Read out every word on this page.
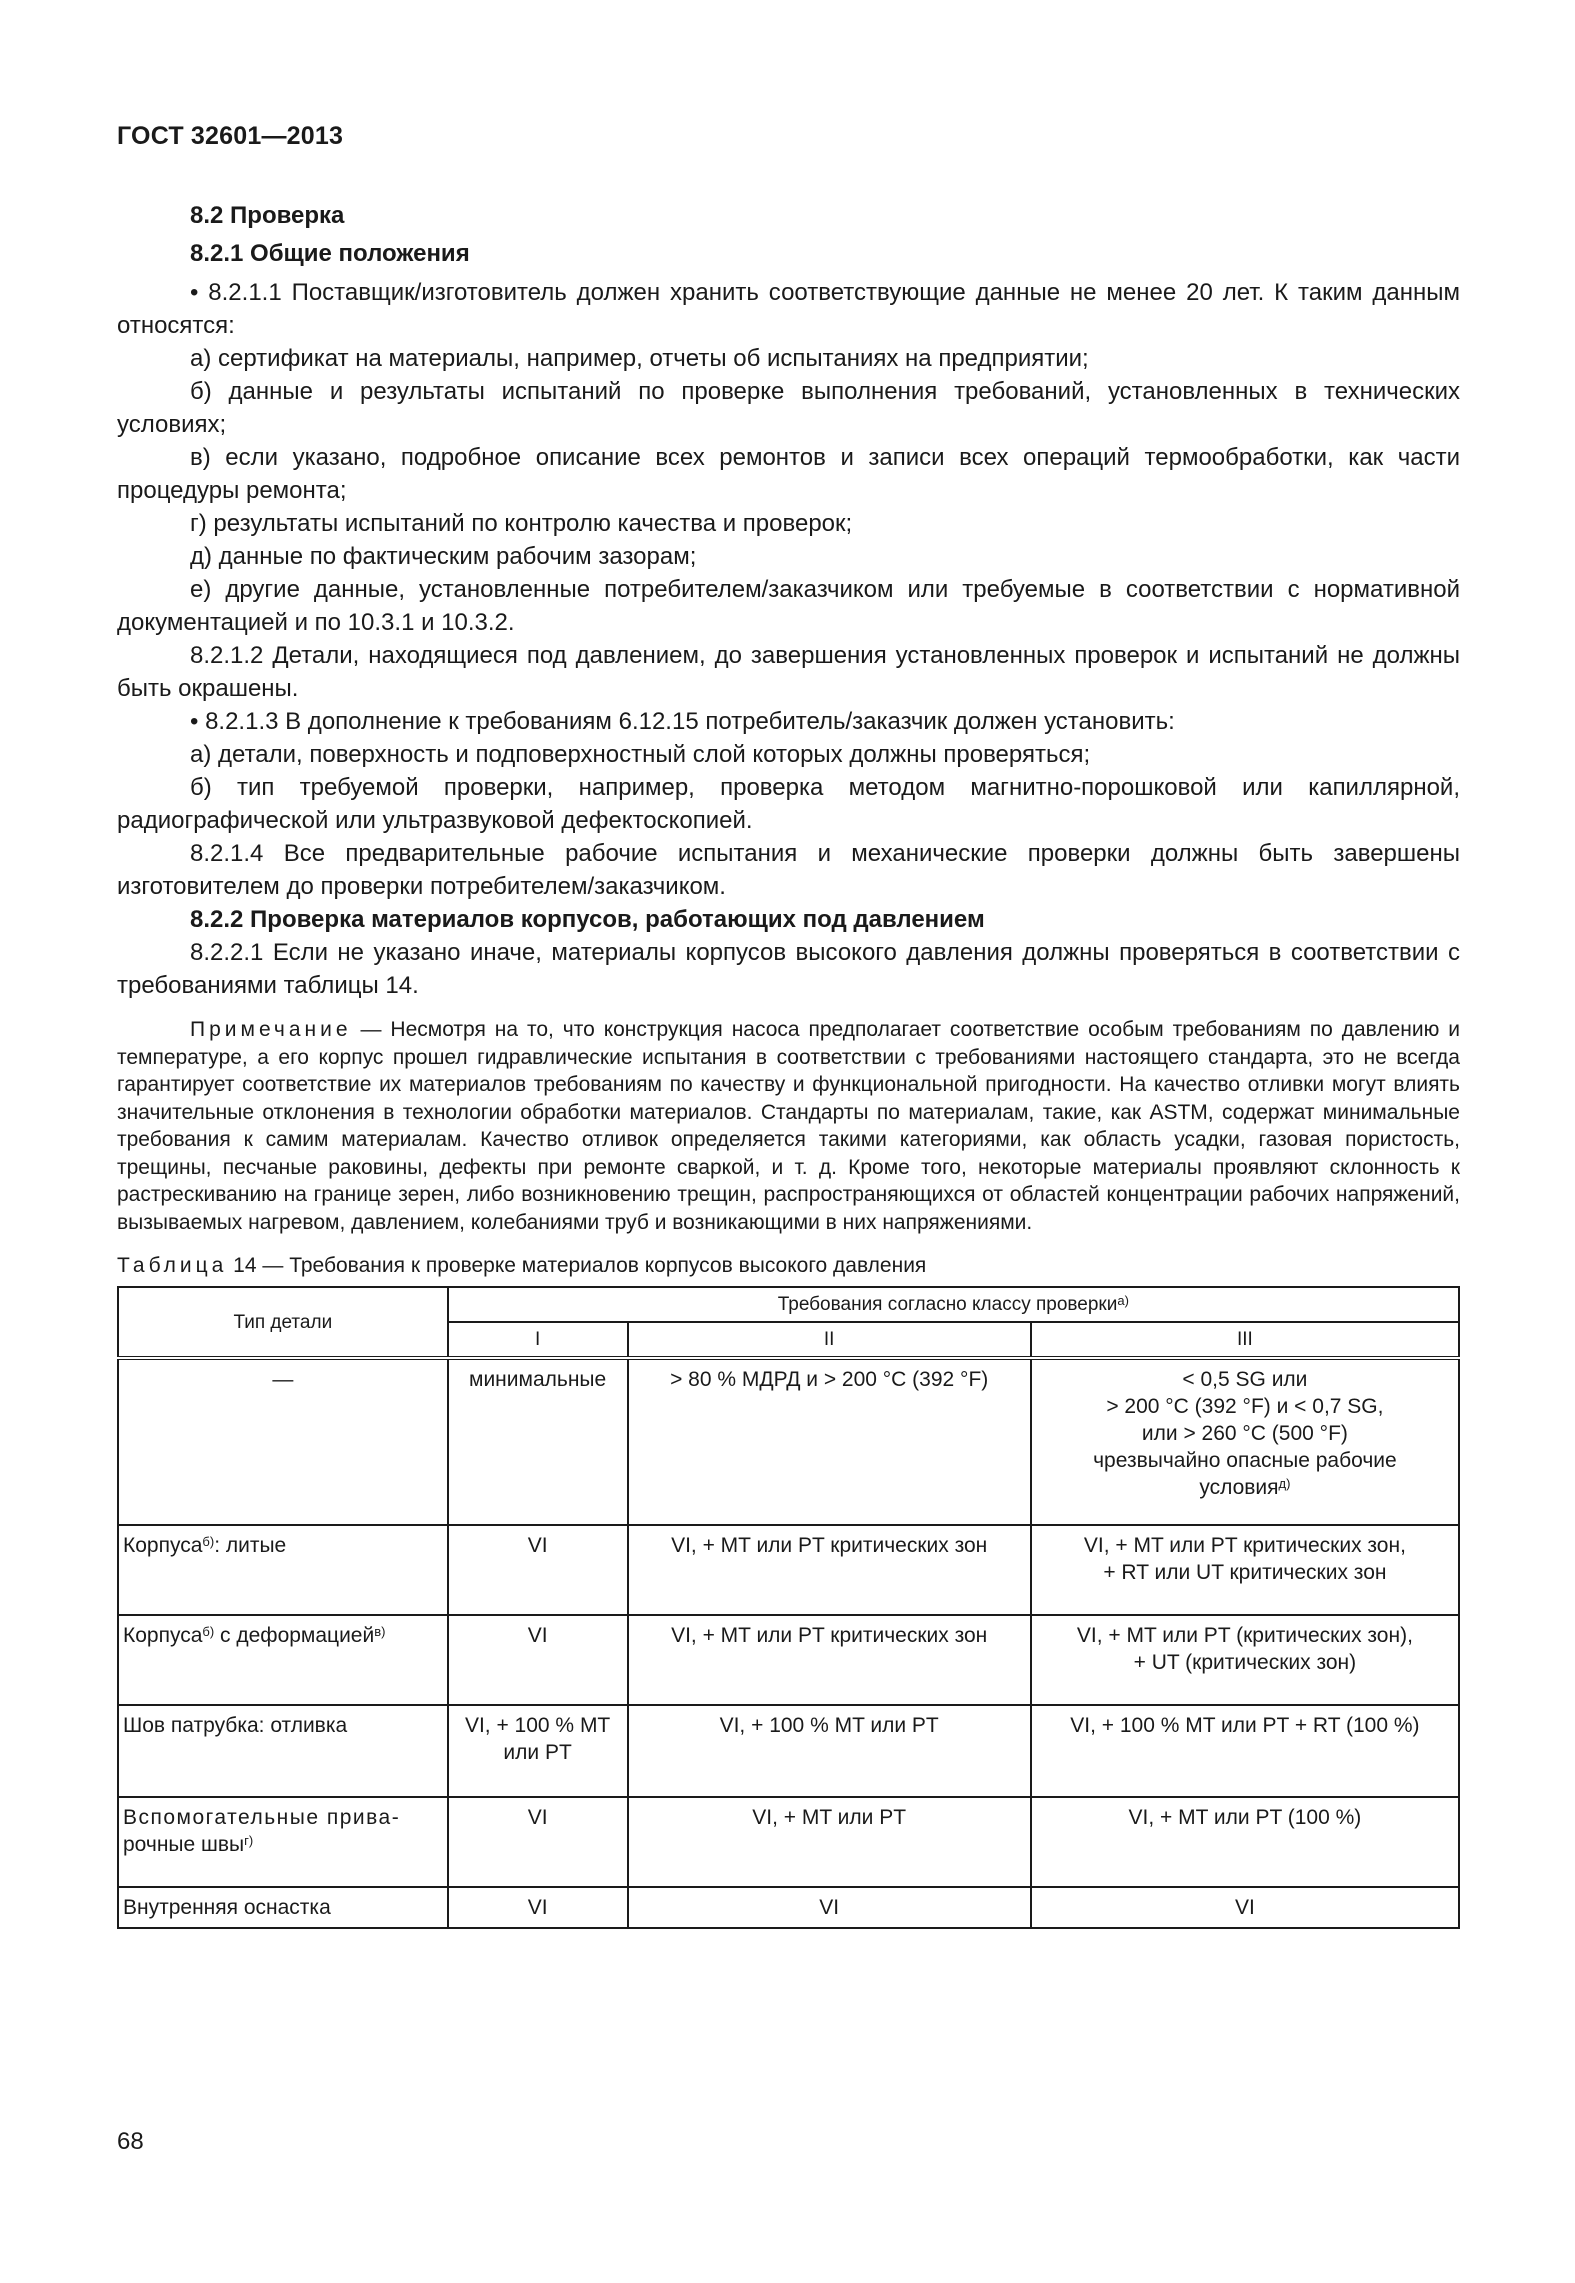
ГОСТ 32601—2013

8.2 Проверка

8.2.1 Общие положения

• 8.2.1.1 Поставщик/изготовитель должен хранить соответствующие данные не менее 20 лет. К таким данным относятся:

а) сертификат на материалы, например, отчеты об испытаниях на предприятии;

б) данные и результаты испытаний по проверке выполнения требований, установленных в технических условиях;

в) если указано, подробное описание всех ремонтов и записи всех операций термообработки, как части процедуры ремонта;

г) результаты испытаний по контролю качества и проверок;

д) данные по фактическим рабочим зазорам;

е) другие данные, установленные потребителем/заказчиком или требуемые в соответствии с нормативной документацией и по 10.3.1 и 10.3.2.

8.2.1.2 Детали, находящиеся под давлением, до завершения установленных проверок и испытаний не должны быть окрашены.

• 8.2.1.3 В дополнение к требованиям 6.12.15 потребитель/заказчик должен установить:

а) детали, поверхность и подповерхностный слой которых должны проверяться;

б) тип требуемой проверки, например, проверка методом магнитно-порошковой или капиллярной, радиографической или ультразвуковой дефектоскопией.

8.2.1.4 Все предварительные рабочие испытания и механические проверки должны быть завершены изготовителем до проверки потребителем/заказчиком.

8.2.2 Проверка материалов корпусов, работающих под давлением

8.2.2.1 Если не указано иначе, материалы корпусов высокого давления должны проверяться в соответствии с требованиями таблицы 14.

Примечание — Несмотря на то, что конструкция насоса предполагает соответствие особым требованиям по давлению и температуре, а его корпус прошел гидравлические испытания в соответствии с требованиями настоящего стандарта, это не всегда гарантирует соответствие их материалов требованиям по качеству и функциональной пригодности. На качество отливки могут влиять значительные отклонения в технологии обработки материалов. Стандарты по материалам, такие, как ASTM, содержат минимальные требования к самим материалам. Качество отливок определяется такими категориями, как область усадки, газовая пористость, трещины, песчаные раковины, дефекты при ремонте сваркой, и т. д. Кроме того, некоторые материалы проявляют склонность к растрескиванию на границе зерен, либо возникновению трещин, распространяющихся от областей концентрации рабочих напряжений, вызываемых нагревом, давлением, колебаниями труб и возникающими в них напряжениями.

Таблица 14 — Требования к проверке материалов корпусов высокого давления

Тип детали	Требования согласно классу проверки$^{а)}$
	I	II	III
—	минимальные	> 80 % МДРД и > 200 °C (392 °F)	< 0,5 SG или
> 200 °C (392 °F) и < 0,7 SG,
или > 260 °C (500 °F)
чрезвычайно опасные рабочие
условия$^{д)}$

Корпуса$^{б)}$: литые	VI	VI, + MT или PT критических зон	VI, + MT или PT критических зон,
+ RT или UT критических зон

Корпуса$^{б)}$ с деформацией$^{в)}$	VI	VI, + MT или PT критических зон	VI, + MT или PT (критических зон),
+ UT (критических зон)

Шов патрубка: отливка	VI, + 100 % MT
или PT	VI, + 100 % MT или PT	VI, + 100 % MT или PT + RT (100 %)

Вспомогательные прива-
рочные швы$^{г)}$	VI	VI, + MT или PT	VI, + MT или PT (100 %)
Внутренняя оснастка	VI	VI	VI
68
